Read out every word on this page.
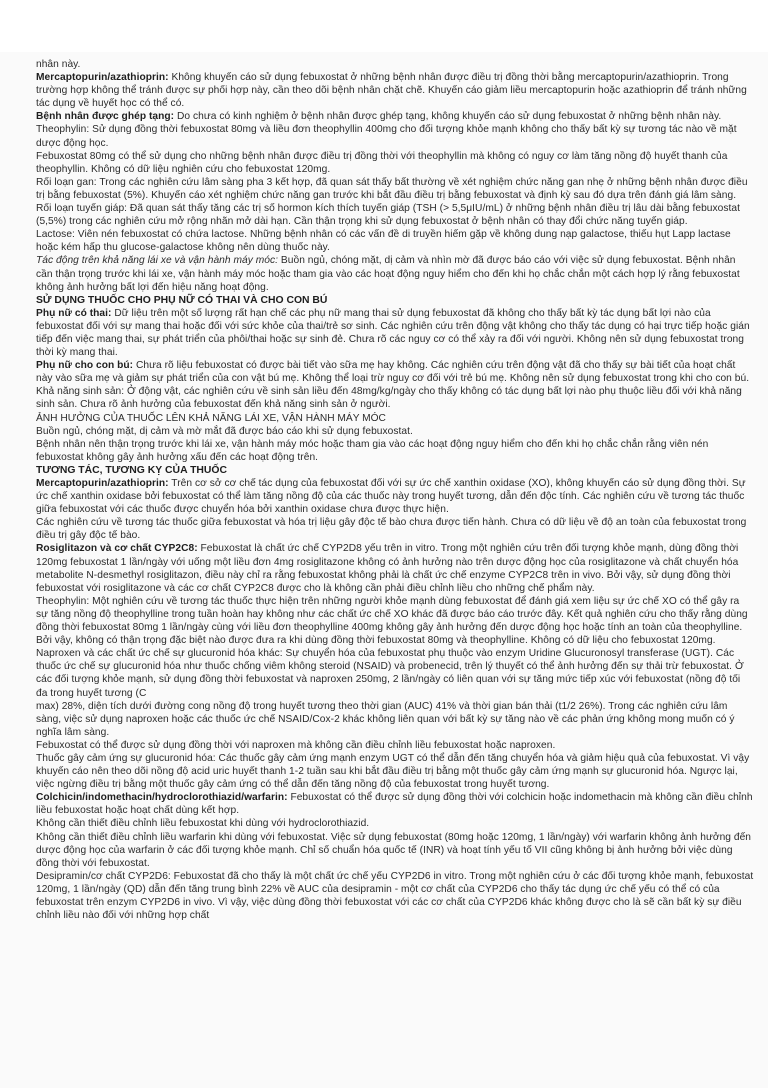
nhân này.

Mercaptopurin/azathioprin: Không khuyến cáo sử dụng febuxostat ở những bệnh nhân được điều trị đồng thời bằng mercaptopurin/azathioprin. Trong trường hợp không thể tránh được sự phối hợp này, cần theo dõi bệnh nhân chặt chẽ. Khuyến cáo giảm liều mercaptopurin hoặc azathioprin để tránh những tác dụng về huyết học có thể có.

Bệnh nhân được ghép tạng: Do chưa có kinh nghiệm ở bệnh nhân được ghép tạng, không khuyến cáo sử dụng febuxostat ở những bệnh nhân này.

Theophylin: Sử dụng đồng thời febuxostat 80mg và liều đơn theophyllin 400mg cho đối tượng khỏe mạnh không cho thấy bất kỳ sự tương tác nào về mặt dược động học.

Febuxostat 80mg có thể sử dụng cho những bệnh nhân được điều trị đồng thời với theophyllin mà không có nguy cơ làm tăng nồng độ huyết thanh của theophyllin. Không có dữ liệu nghiên cứu cho febuxostat 120mg.

Rối loạn gan: Trong các nghiên cứu lâm sàng pha 3 kết hợp, đã quan sát thấy bất thường về xét nghiệm chức năng gan nhẹ ở những bệnh nhân được điều trị bằng febuxostat (5%). Khuyến cáo xét nghiệm chức năng gan trước khi bắt đầu điều trị bằng febuxostat và định kỳ sau đó dựa trên đánh giá lâm sàng.

Rối loạn tuyến giáp: Đã quan sát thấy tăng các trị số hormon kích thích tuyến giáp (TSH (> 5,5μIU/mL) ở những bệnh nhân điều trị lâu dài bằng febuxostat (5,5%) trong các nghiên cứu mở rộng nhãn mở dài hạn. Cần thận trọng khi sử dụng febuxostat ở bệnh nhân có thay đổi chức năng tuyến giáp.

Lactose: Viên nén febuxostat có chứa lactose. Những bệnh nhân có các vấn đề di truyền hiếm gặp về không dung nạp galactose, thiếu hụt Lapp lactase hoặc kém hấp thu glucose-galactose không nên dùng thuốc này.

Tác động trên khả năng lái xe và vận hành máy móc: Buồn ngủ, chóng mặt, dị cảm và nhìn mờ đã được báo cáo với việc sử dụng febuxostat. Bệnh nhân cần thận trọng trước khi lái xe, vận hành máy móc hoặc tham gia vào các hoạt động nguy hiểm cho đến khi họ chắc chắn một cách hợp lý rằng febuxostat không ảnh hưởng bất lợi đến hiệu năng hoạt động.

SỬ DỤNG THUỐC CHO PHỤ NỮ CÓ THAI VÀ CHO CON BÚ

Phụ nữ có thai: Dữ liệu trên một số lượng rất hạn chế các phụ nữ mang thai sử dụng febuxostat đã không cho thấy bất kỳ tác dụng bất lợi nào của febuxostat đối với sự mang thai hoặc đối với sức khỏe của thai/trẻ sơ sinh. Các nghiên cứu trên động vật không cho thấy tác dụng có hại trực tiếp hoặc gián tiếp đến việc mang thai, sự phát triển của phôi/thai hoặc sự sinh đẻ. Chưa rõ các nguy cơ có thể xảy ra đối với người. Không nên sử dụng febuxostat trong thời kỳ mang thai.

Phụ nữ cho con bú: Chưa rõ liệu febuxostat có được bài tiết vào sữa mẹ hay không. Các nghiên cứu trên động vật đã cho thấy sự bài tiết của hoạt chất này vào sữa mẹ và giảm sự phát triển của con vật bú mẹ. Không thể loại trừ nguy cơ đối với trẻ bú mẹ. Không nên sử dụng febuxostat trong khi cho con bú.

Khả năng sinh sản: Ở động vật, các nghiên cứu về sinh sản liều đến 48mg/kg/ngày cho thấy không có tác dụng bất lợi nào phụ thuộc liều đối với khả năng sinh sản. Chưa rõ ảnh hưởng của febuxostat đến khả năng sinh sản ở người.

ẢNH HƯỞNG CỦA THUỐC LÊN KHẢ NĂNG LÁI XE, VẬN HÀNH MÁY MÓC

Buồn ngủ, chóng mặt, dị cảm và mờ mắt đã được báo cáo khi sử dụng febuxostat.

Bệnh nhân nên thận trọng trước khi lái xe, vận hành máy móc hoặc tham gia vào các hoạt động nguy hiểm cho đến khi họ chắc chắn rằng viên nén febuxostat không gây ảnh hưởng xấu đến các hoạt động trên.

TƯƠNG TÁC, TƯƠNG KỴ CỦA THUỐC

Mercaptopurin/azathioprin: Trên cơ sở cơ chế tác dụng của febuxostat đối với sự ức chế xanthin oxidase (XO), không khuyến cáo sử dụng đồng thời. Sự ức chế xanthin oxidase bởi febuxostat có thể làm tăng nồng độ của các thuốc này trong huyết tương, dẫn đến độc tính. Các nghiên cứu về tương tác thuốc giữa febuxostat với các thuốc được chuyển hóa bởi xanthin oxidase chưa được thực hiện.

Các nghiên cứu về tương tác thuốc giữa febuxostat và hóa trị liệu gây độc tế bào chưa được tiến hành. Chưa có dữ liệu về độ an toàn của febuxostat trong điều trị gây độc tế bào.

Rosiglitazon và cơ chất CYP2C8: Febuxostat là chất ức chế CYP2D8 yếu trên in vitro. Trong một nghiên cứu trên đối tượng khỏe mạnh, dùng đồng thời 120mg febuxostat 1 lần/ngày với uống một liều đơn 4mg rosiglitazone không có ảnh hưởng nào trên dược động học của rosiglitazone và chất chuyển hóa metabolite N-desmethyl rosiglitazon, điều này chỉ ra rằng febuxostat không phải là chất ức chế enzyme CYP2C8 trên in vivo. Bởi vậy, sử dụng đồng thời febuxostat với rosiglitazone và các cơ chất CYP2C8 được cho là không cần phải điều chỉnh liều cho những chế phẩm này.

Theophylin: Một nghiên cứu về tương tác thuốc thực hiện trên những người khỏe mạnh dùng febuxostat để đánh giá xem liệu sự ức chế XO có thể gây ra sự tăng nồng độ theophylline trong tuần hoàn hay không như các chất ức chế XO khác đã được báo cáo trước đây. Kết quả nghiên cứu cho thấy rằng dùng đồng thời febuxostat 80mg 1 lần/ngày cùng với liều đơn theophylline 400mg không gây ảnh hưởng đến dược động học hoặc tính an toàn của theophylline. Bởi vậy, không có thận trọng đặc biệt nào được đưa ra khi dùng đồng thời febuxostat 80mg và theophylline. Không có dữ liệu cho febuxostat 120mg.

Naproxen và các chất ức chế sự glucuronid hóa khác: Sự chuyển hóa của febuxostat phụ thuộc vào enzym Uridine Glucuronosyl transferase (UGT). Các thuốc ức chế sự glucuronid hóa như thuốc chống viêm không steroid (NSAID) và probenecid, trên lý thuyết có thể ảnh hưởng đến sự thải trừ febuxostat. Ở các đối tượng khỏe mạnh, sử dụng đồng thời febuxostat và naproxen 250mg, 2 lần/ngày có liên quan với sự tăng mức tiếp xúc với febuxostat (nồng độ tối đa trong huyết tương (C

max) 28%, diện tích dưới đường cong nồng độ trong huyết tương theo thời gian (AUC) 41% và thời gian bán thải (t1/2 26%). Trong các nghiên cứu lâm sàng, việc sử dụng naproxen hoặc các thuốc ức chế NSAID/Cox-2 khác không liên quan với bất kỳ sự tăng nào về các phản ứng không mong muốn có ý nghĩa lâm sàng.

Febuxostat có thể được sử dụng đồng thời với naproxen mà không cần điều chỉnh liều febuxostat hoặc naproxen.

Thuốc gây cảm ứng sự glucuronid hóa: Các thuốc gây cảm ứng mạnh enzym UGT có thể dẫn đến tăng chuyển hóa và giảm hiệu quả của febuxostat. Vì vậy khuyến cáo nên theo dõi nồng độ acid uric huyết thanh 1-2 tuần sau khi bắt đầu điều trị bằng một thuốc gây cảm ứng mạnh sự glucuronid hóa. Ngược lại, việc ngừng điều trị bằng một thuốc gây cảm ứng có thể dẫn đến tăng nồng độ của febuxostat trong huyết tương.

Colchicin/indomethacin/hydroclorothiazid/warfarin: Febuxostat có thể được sử dụng đồng thời với colchicin hoặc indomethacin mà không cần điều chỉnh liều febuxostat hoặc hoạt chất dùng kết hợp.

Không cần thiết điều chỉnh liều febuxostat khi dùng với hydroclorothiazid.

Không cần thiết điều chỉnh liều warfarin khi dùng với febuxostat. Việc sử dụng febuxostat (80mg hoặc 120mg, 1 lần/ngày) với warfarin không ảnh hưởng đến dược động học của warfarin ở các đối tượng khỏe mạnh. Chỉ số chuẩn hóa quốc tế (INR) và hoạt tính yếu tố VII cũng không bị ảnh hưởng bởi việc dùng đồng thời với febuxostat.

Desipramin/cơ chất CYP2D6: Febuxostat đã cho thấy là một chất ức chế yếu CYP2D6 in vitro. Trong một nghiên cứu ở các đối tượng khỏe mạnh, febuxostat 120mg, 1 lần/ngày (QD) dẫn đến tăng trung bình 22% về AUC của desipramin - một cơ chất của CYP2D6 cho thấy tác dụng ức chế yếu có thể có của febuxostat trên enzym CYP2D6 in vivo. Vì vậy, việc dùng đồng thời febuxostat với các cơ chất của CYP2D6 khác không được cho là sẽ cần bất kỳ sự điều chỉnh liều nào đối với những hợp chất
